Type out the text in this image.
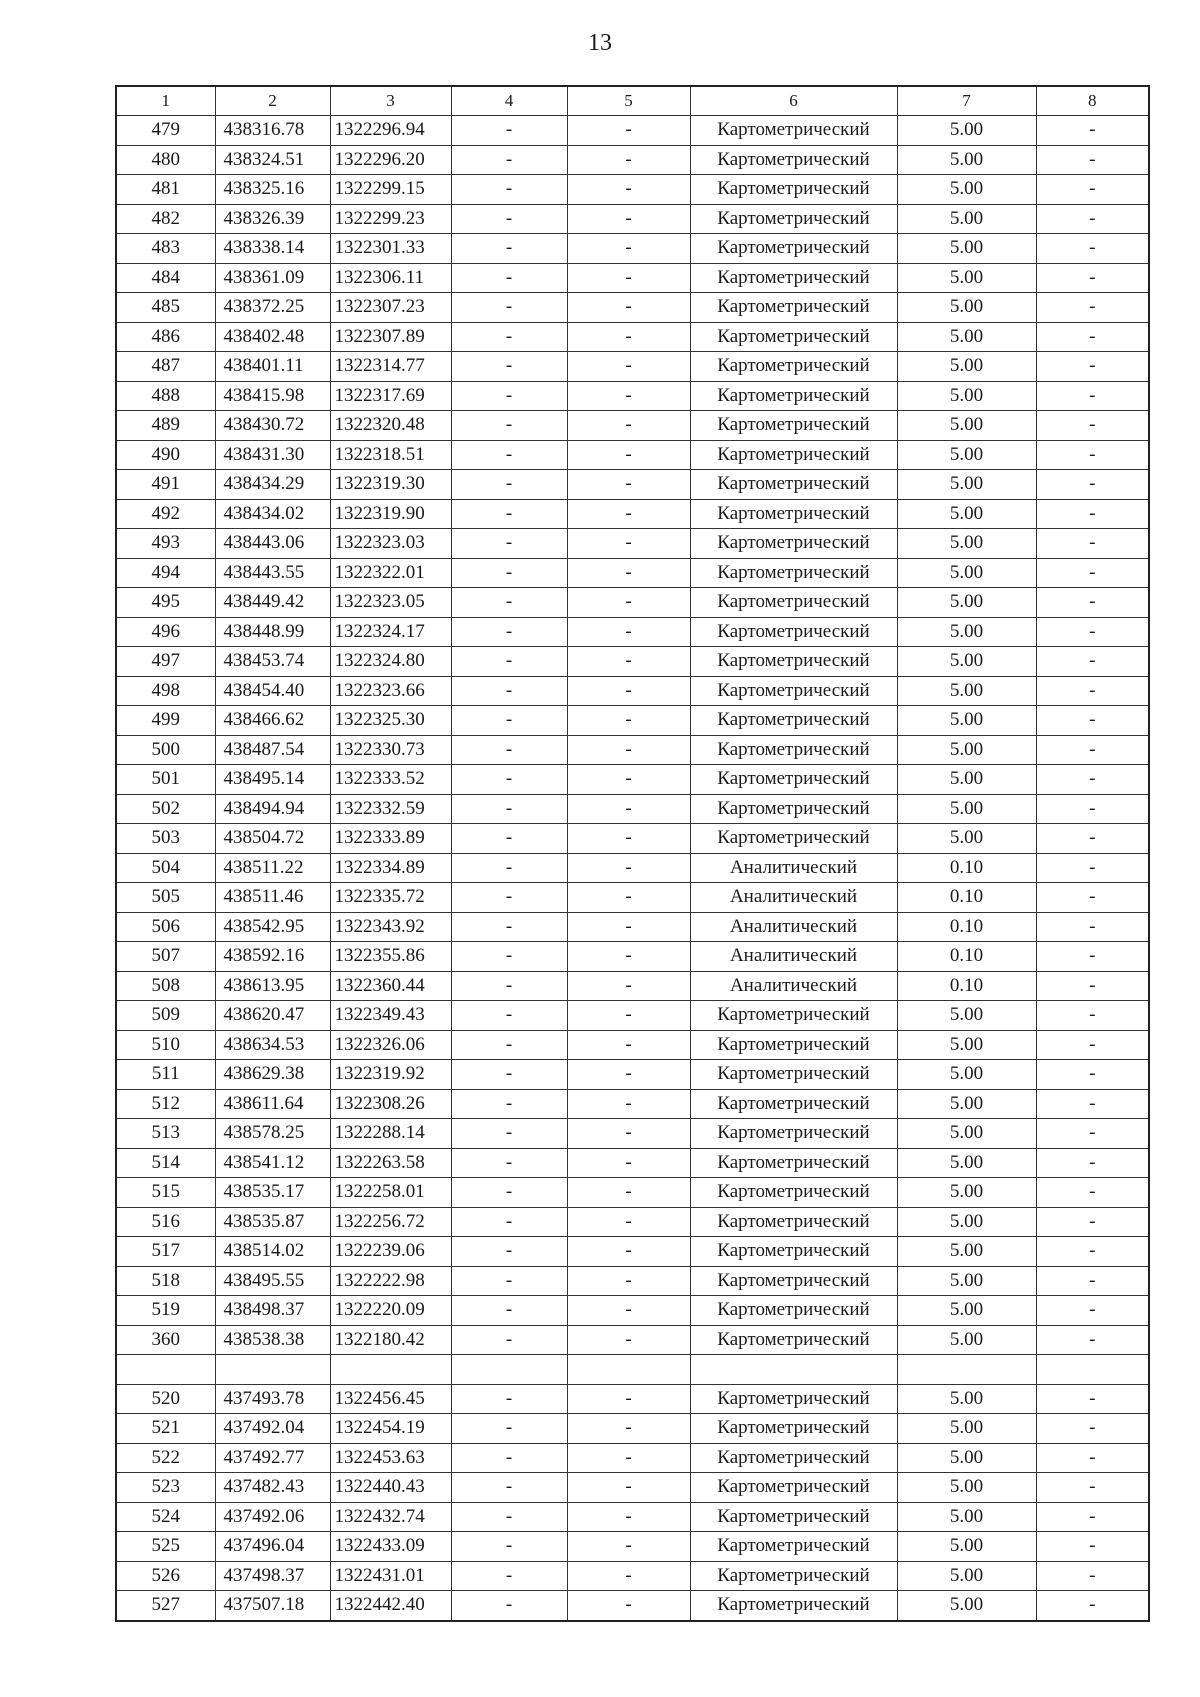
13
1	2	3	4	5	6	7	8
479	438316.78	1322296.94	-	-	Картометрический	5.00	-
480	438324.51	1322296.20	-	-	Картометрический	5.00	-
481	438325.16	1322299.15	-	-	Картометрический	5.00	-
482	438326.39	1322299.23	-	-	Картометрический	5.00	-
483	438338.14	1322301.33	-	-	Картометрический	5.00	-
484	438361.09	1322306.11	-	-	Картометрический	5.00	-
485	438372.25	1322307.23	-	-	Картометрический	5.00	-
486	438402.48	1322307.89	-	-	Картометрический	5.00	-
487	438401.11	1322314.77	-	-	Картометрический	5.00	-
488	438415.98	1322317.69	-	-	Картометрический	5.00	-
489	438430.72	1322320.48	-	-	Картометрический	5.00	-
490	438431.30	1322318.51	-	-	Картометрический	5.00	-
491	438434.29	1322319.30	-	-	Картометрический	5.00	-
492	438434.02	1322319.90	-	-	Картометрический	5.00	-
493	438443.06	1322323.03	-	-	Картометрический	5.00	-
494	438443.55	1322322.01	-	-	Картометрический	5.00	-
495	438449.42	1322323.05	-	-	Картометрический	5.00	-
496	438448.99	1322324.17	-	-	Картометрический	5.00	-
497	438453.74	1322324.80	-	-	Картометрический	5.00	-
498	438454.40	1322323.66	-	-	Картометрический	5.00	-
499	438466.62	1322325.30	-	-	Картометрический	5.00	-
500	438487.54	1322330.73	-	-	Картометрический	5.00	-
501	438495.14	1322333.52	-	-	Картометрический	5.00	-
502	438494.94	1322332.59	-	-	Картометрический	5.00	-
503	438504.72	1322333.89	-	-	Картометрический	5.00	-
504	438511.22	1322334.89	-	-	Аналитический	0.10	-
505	438511.46	1322335.72	-	-	Аналитический	0.10	-
506	438542.95	1322343.92	-	-	Аналитический	0.10	-
507	438592.16	1322355.86	-	-	Аналитический	0.10	-
508	438613.95	1322360.44	-	-	Аналитический	0.10	-
509	438620.47	1322349.43	-	-	Картометрический	5.00	-
510	438634.53	1322326.06	-	-	Картометрический	5.00	-
511	438629.38	1322319.92	-	-	Картометрический	5.00	-
512	438611.64	1322308.26	-	-	Картометрический	5.00	-
513	438578.25	1322288.14	-	-	Картометрический	5.00	-
514	438541.12	1322263.58	-	-	Картометрический	5.00	-
515	438535.17	1322258.01	-	-	Картометрический	5.00	-
516	438535.87	1322256.72	-	-	Картометрический	5.00	-
517	438514.02	1322239.06	-	-	Картометрический	5.00	-
518	438495.55	1322222.98	-	-	Картометрический	5.00	-
519	438498.37	1322220.09	-	-	Картометрический	5.00	-
360	438538.38	1322180.42	-	-	Картометрический	5.00	-

520	437493.78	1322456.45	-	-	Картометрический	5.00	-
521	437492.04	1322454.19	-	-	Картометрический	5.00	-
522	437492.77	1322453.63	-	-	Картометрический	5.00	-
523	437482.43	1322440.43	-	-	Картометрический	5.00	-
524	437492.06	1322432.74	-	-	Картометрический	5.00	-
525	437496.04	1322433.09	-	-	Картометрический	5.00	-
526	437498.37	1322431.01	-	-	Картометрический	5.00	-
527	437507.18	1322442.40	-	-	Картометрический	5.00	-
